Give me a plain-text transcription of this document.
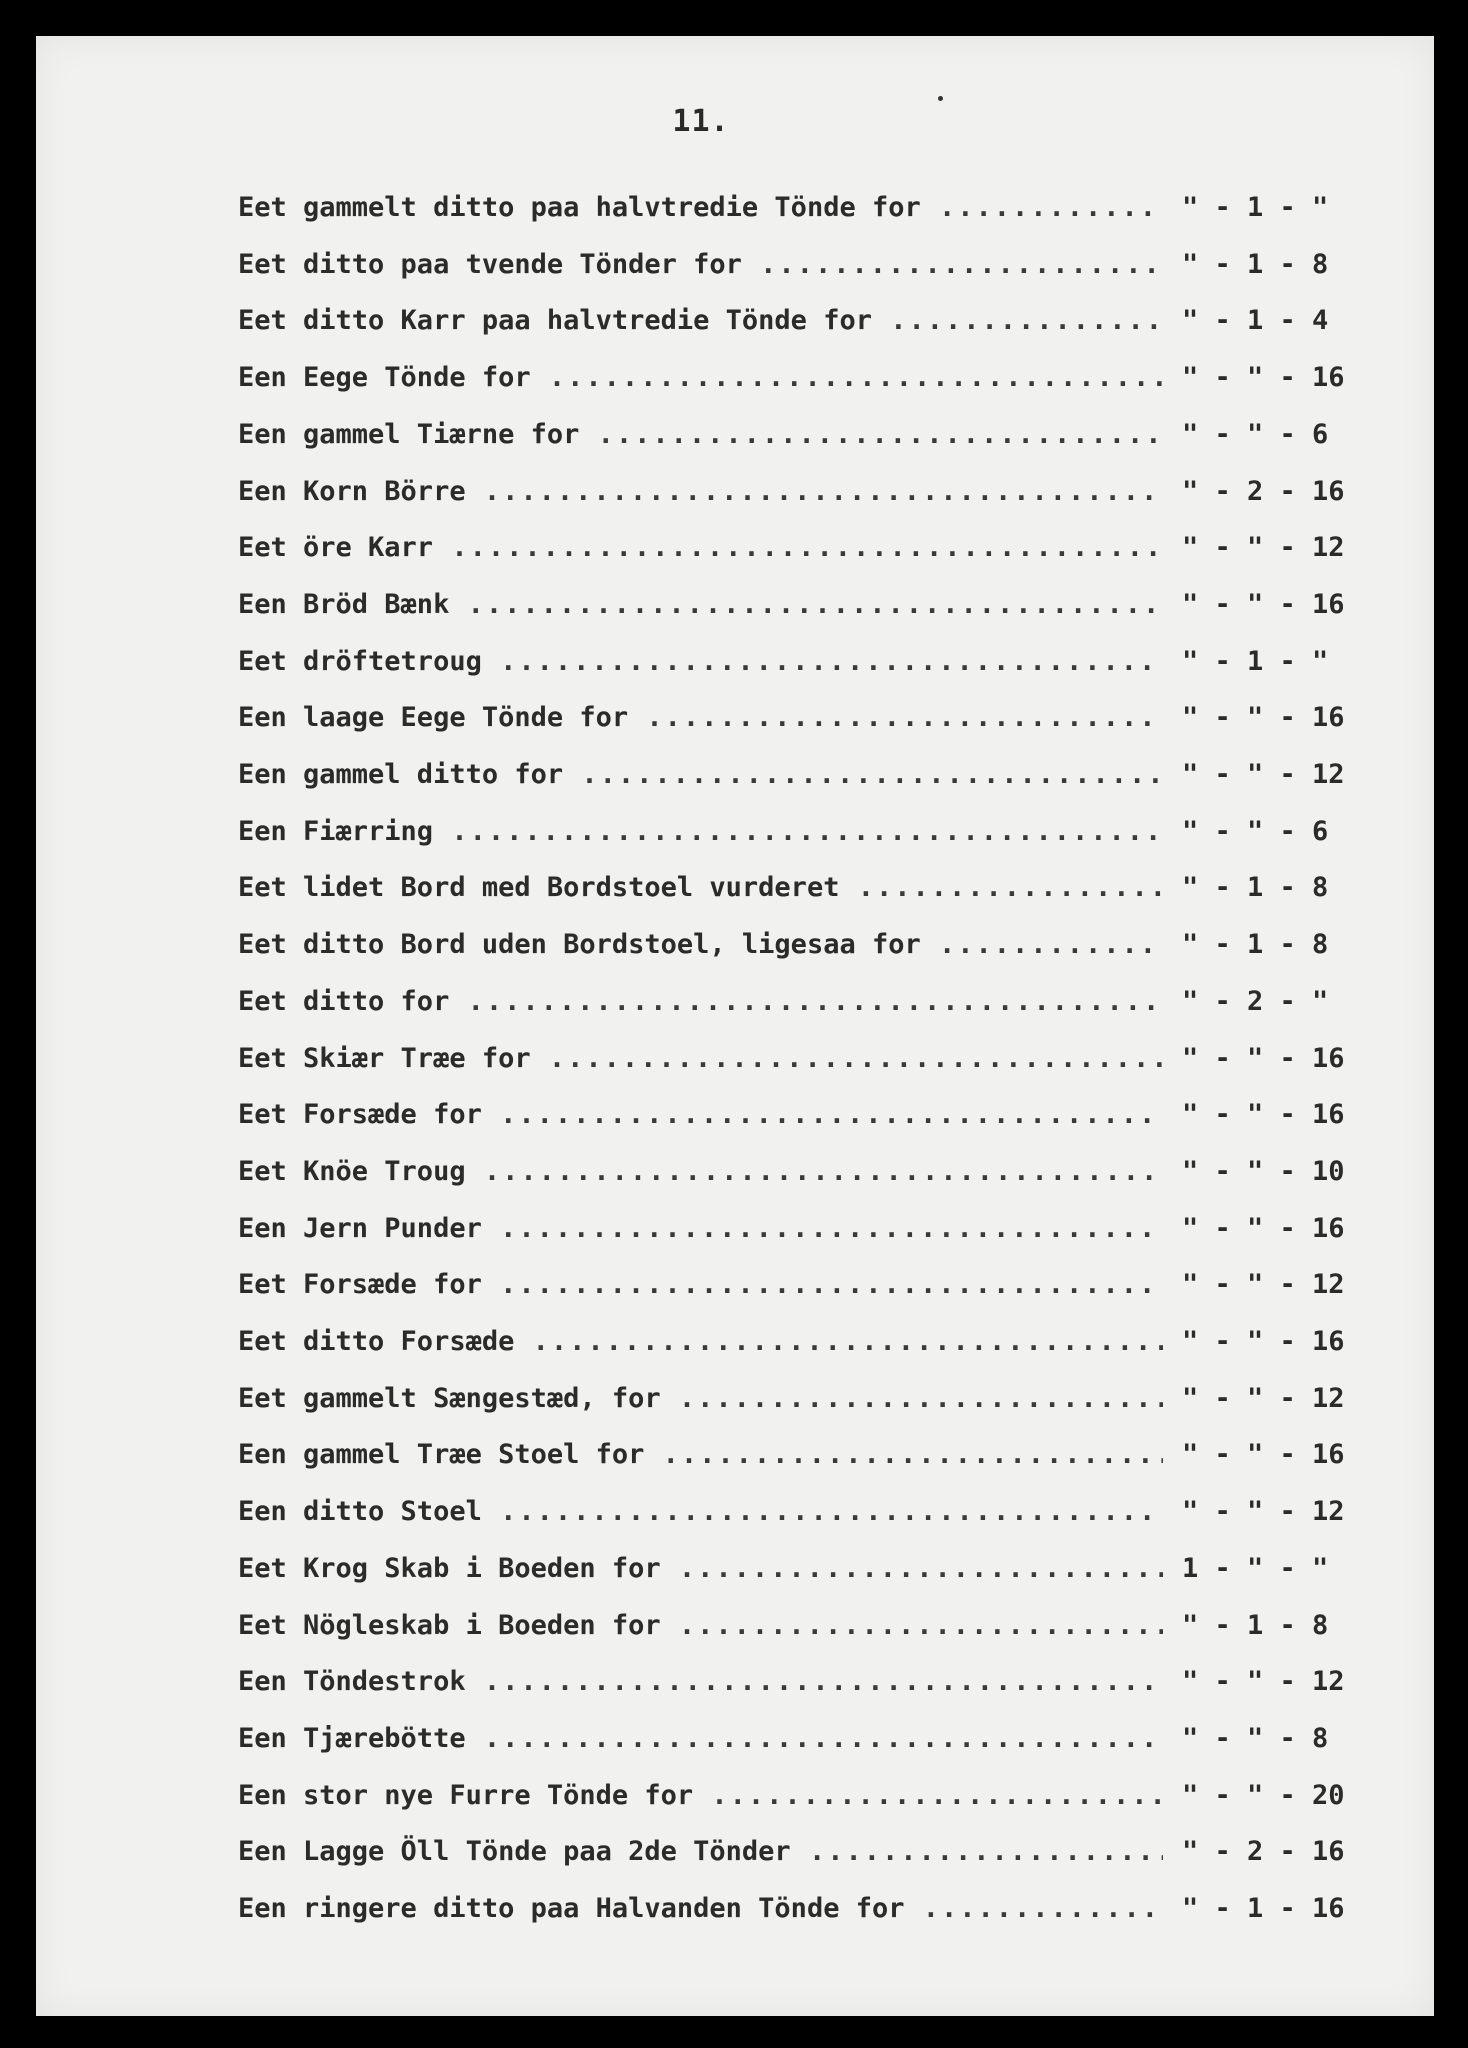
11.
Eet gammelt ditto paa halvtredie Tönde for .....	" - 1 - "
Eet ditto paa tvende Tönder for .....	" - 1 - 8
Eet ditto Karr paa halvtredie Tönde for .....	" - 1 - 4
Een Eege Tönde for .....	" - " - 16
Een gammel Tiærne for .....	" - " - 6
Een Korn Börre .....	" - 2 - 16
Eet öre Karr .....	" - " - 12
Een Bröd Bænk .....	" - " - 16
Eet dröftetroug .....	" - 1 - "
Een laage Eege Tönde for .....	" - " - 16
Een gammel ditto for .....	" - " - 12
Een Fiærring .....	" - " - 6
Eet lidet Bord med Bordstoel vurderet .....	" - 1 - 8
Eet ditto Bord uden Bordstoel, ligesaa for .....	" - 1 - 8
Eet ditto for .....	" - 2 - "
Eet Skiær Træe for .....	" - " - 16
Eet Forsæde for .....	" - " - 16
Eet Knöe Troug .....	" - " - 10
Een Jern Punder .....	" - " - 16
Eet Forsæde for .....	" - " - 12
Eet ditto Forsæde .....	" - " - 16
Eet gammelt Sængestæd, for .....	" - " - 12
Een gammel Træe Stoel for .....	" - " - 16
Een ditto Stoel .....	" - " - 12
Eet Krog Skab i Boeden for .....	1 - " - "
Eet Nögleskab i Boeden for .....	" - 1 - 8
Een Töndestrok .....	" - " - 12
Een Tjærebötte .....	" - " - 8
Een stor nye Furre Tönde for .....	" - " - 20
Een Lagge Öll Tönde paa 2de Tönder .....	" - 2 - 16
Een ringere ditto paa Halvanden Tönde for .....	" - 1 - 16
